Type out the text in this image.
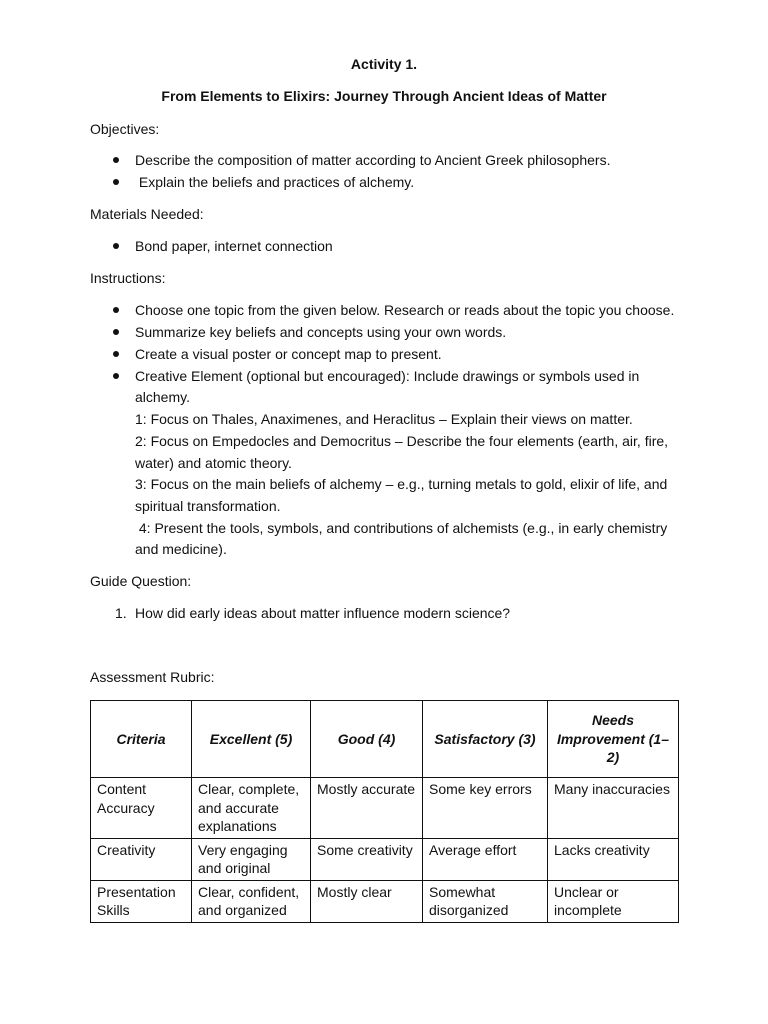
Activity 1.
From Elements to Elixirs: Journey Through Ancient Ideas of Matter
Objectives:
Describe the composition of matter according to Ancient Greek philosophers.
Explain the beliefs and practices of alchemy.
Materials Needed:
Bond paper, internet connection
Instructions:
Choose one topic from the given below. Research or reads about the topic you choose.
Summarize key beliefs and concepts using your own words.
Create a visual poster or concept map to present.
Creative Element (optional but encouraged): Include drawings or symbols used in
alchemy.
1: Focus on Thales, Anaximenes, and Heraclitus – Explain their views on matter.
2: Focus on Empedocles and Democritus – Describe the four elements (earth, air, fire,
water) and atomic theory.
3: Focus on the main beliefs of alchemy – e.g., turning metals to gold, elixir of life, and
spiritual transformation.
4: Present the tools, symbols, and contributions of alchemists (e.g., in early chemistry
and medicine).
Guide Question:
1. How did early ideas about matter influence modern science?
Assessment Rubric:
Criteria	Excellent (5)	Good (4)	Satisfactory (3)	Needs Improvement (1–2)
Content Accuracy	Clear, complete, and accurate explanations	Mostly accurate	Some key errors	Many inaccuracies
Creativity	Very engaging and original	Some creativity	Average effort	Lacks creativity
Presentation Skills	Clear, confident, and organized	Mostly clear	Somewhat disorganized	Unclear or incomplete
